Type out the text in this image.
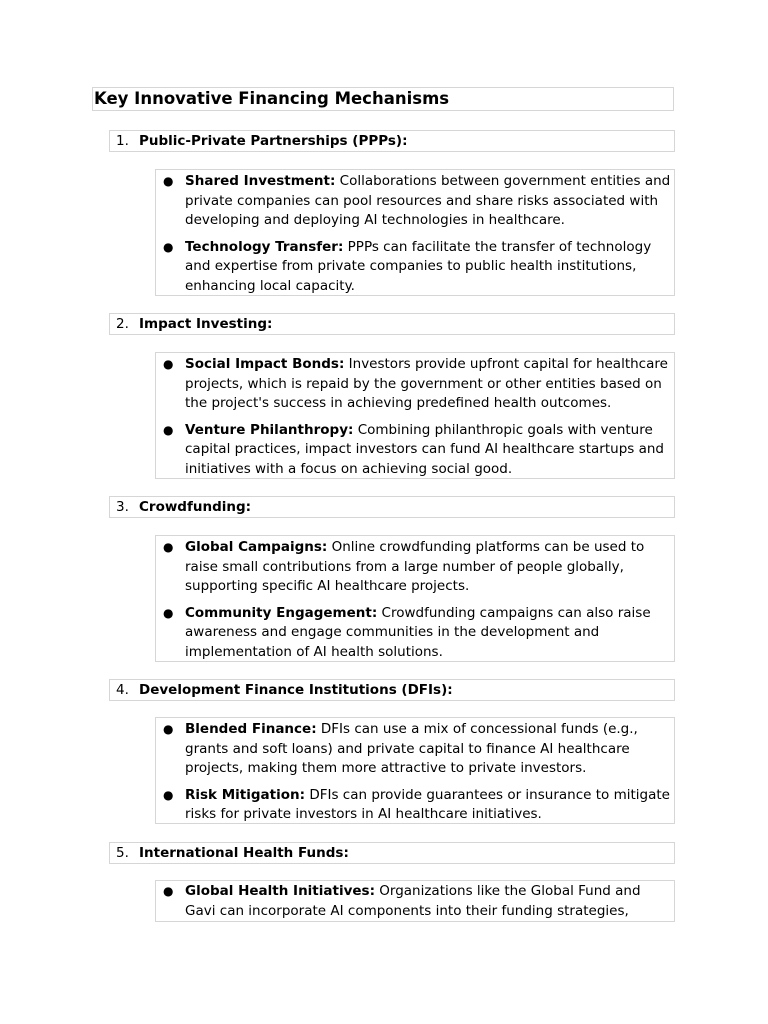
Key Innovative Financing Mechanisms
1. Public-Private Partnerships (PPPs):
● Shared Investment: Collaborations between government entities and private companies can pool resources and share risks associated with developing and deploying AI technologies in healthcare.
● Technology Transfer: PPPs can facilitate the transfer of technology and expertise from private companies to public health institutions, enhancing local capacity.
2. Impact Investing:
● Social Impact Bonds: Investors provide upfront capital for healthcare projects, which is repaid by the government or other entities based on the project's success in achieving predefined health outcomes.
● Venture Philanthropy: Combining philanthropic goals with venture capital practices, impact investors can fund AI healthcare startups and initiatives with a focus on achieving social good.
3. Crowdfunding:
● Global Campaigns: Online crowdfunding platforms can be used to raise small contributions from a large number of people globally, supporting specific AI healthcare projects.
● Community Engagement: Crowdfunding campaigns can also raise awareness and engage communities in the development and implementation of AI health solutions.
4. Development Finance Institutions (DFIs):
● Blended Finance: DFIs can use a mix of concessional funds (e.g., grants and soft loans) and private capital to finance AI healthcare projects, making them more attractive to private investors.
● Risk Mitigation: DFIs can provide guarantees or insurance to mitigate risks for private investors in AI healthcare initiatives.
5. International Health Funds:
● Global Health Initiatives: Organizations like the Global Fund and Gavi can incorporate AI components into their funding strategies,
